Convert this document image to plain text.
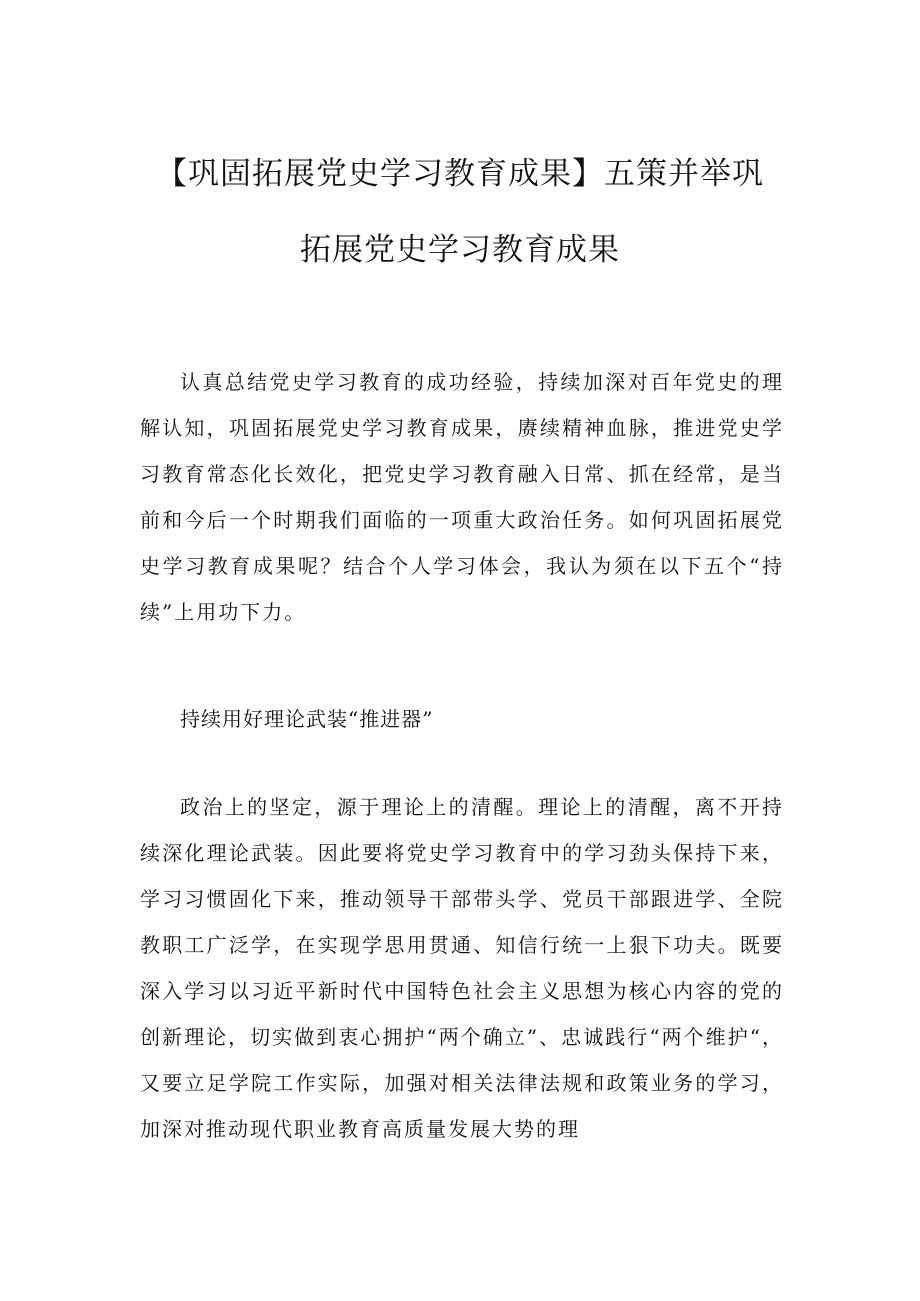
【巩固拓展党史学习教育成果】五策并举巩
拓展党史学习教育成果

认真总结党史学习教育的成功经验，持续加深对百年党史的理解认知，巩固拓展党史学习教育成果，赓续精神血脉，推进党史学习教育常态化长效化，把党史学习教育融入日常、抓在经常，是当前和今后一个时期我们面临的一项重大政治任务。如何巩固拓展党史学习教育成果呢？结合个人学习体会，我认为须在以下五个“持续”上用功下力。

持续用好理论武装“推进器”

政治上的坚定，源于理论上的清醒。理论上的清醒，离不开持续深化理论武装。因此要将党史学习教育中的学习劲头保持下来，学习习惯固化下来，推动领导干部带头学、党员干部跟进学、全院教职工广泛学，在实现学思用贯通、知信行统一上狠下功夫。既要深入学习以习近平新时代中国特色社会主义思想为核心内容的党的创新理论，切实做到衷心拥护“两个确立”、忠诚践行“两个维护“，又要立足学院工作实际，加强对相关法律法规和政策业务的学习，加深对推动现代职业教育高质量发展大势的理
